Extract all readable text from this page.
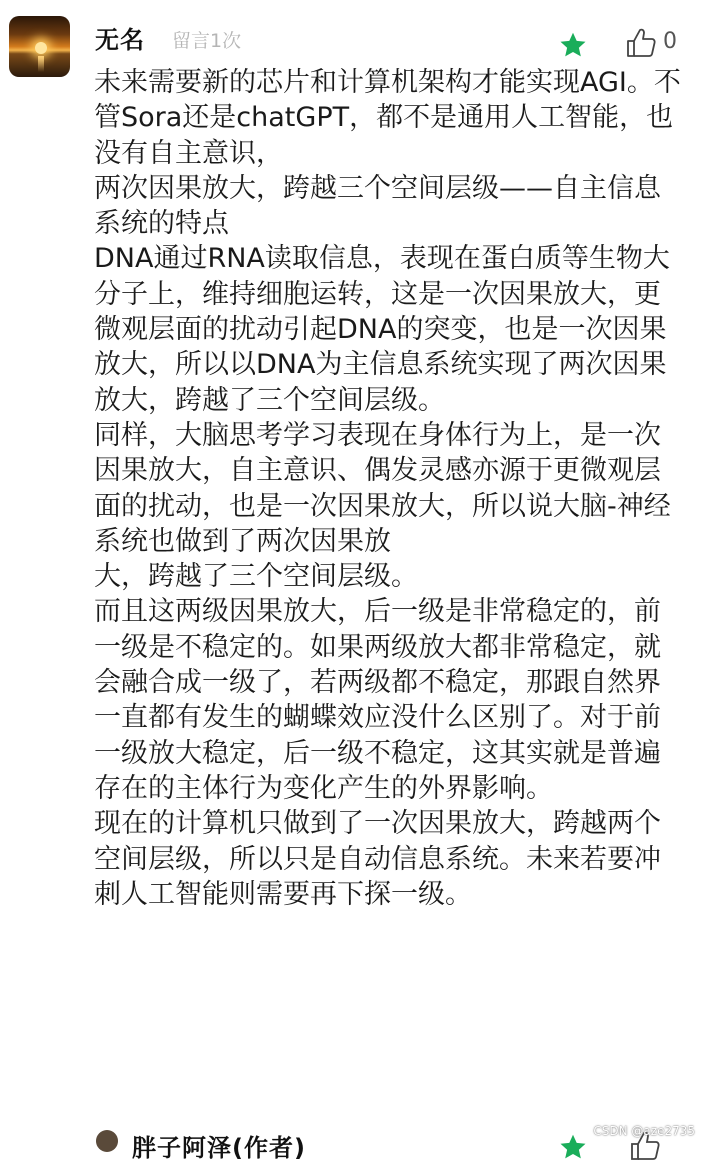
无名 留言1次	0
未来需要新的芯片和计算机架构才能实现AGI。不管Sora还是chatGPT，都不是通用人工智能，也没有自主意识，
两次因果放大，跨越三个空间层级——自主信息系统的特点
DNA通过RNA读取信息，表现在蛋白质等生物大分子上，维持细胞运转，这是一次因果放大，更微观层面的扰动引起DNA的突变，也是一次因果放大，所以以DNA为主信息系统实现了两次因果放大，跨越了三个空间层级。
同样，大脑思考学习表现在身体行为上，是一次因果放大，自主意识、偶发灵感亦源于更微观层面的扰动，也是一次因果放大，所以说大脑-神经系统也做到了两次因果放
大，跨越了三个空间层级。
而且这两级因果放大，后一级是非常稳定的，前一级是不稳定的。如果两级放大都非常稳定，就会融合成一级了，若两级都不稳定，那跟自然界一直都有发生的蝴蝶效应没什么区别了。对于前一级放大稳定，后一级不稳定，这其实就是普遍存在的主体行为变化产生的外界影响。
现在的计算机只做到了一次因果放大，跨越两个空间层级，所以只是自动信息系统。未来若要冲刺人工智能则需要再下探一级。
胖子阿泽(作者)
CSDN @aze2735
